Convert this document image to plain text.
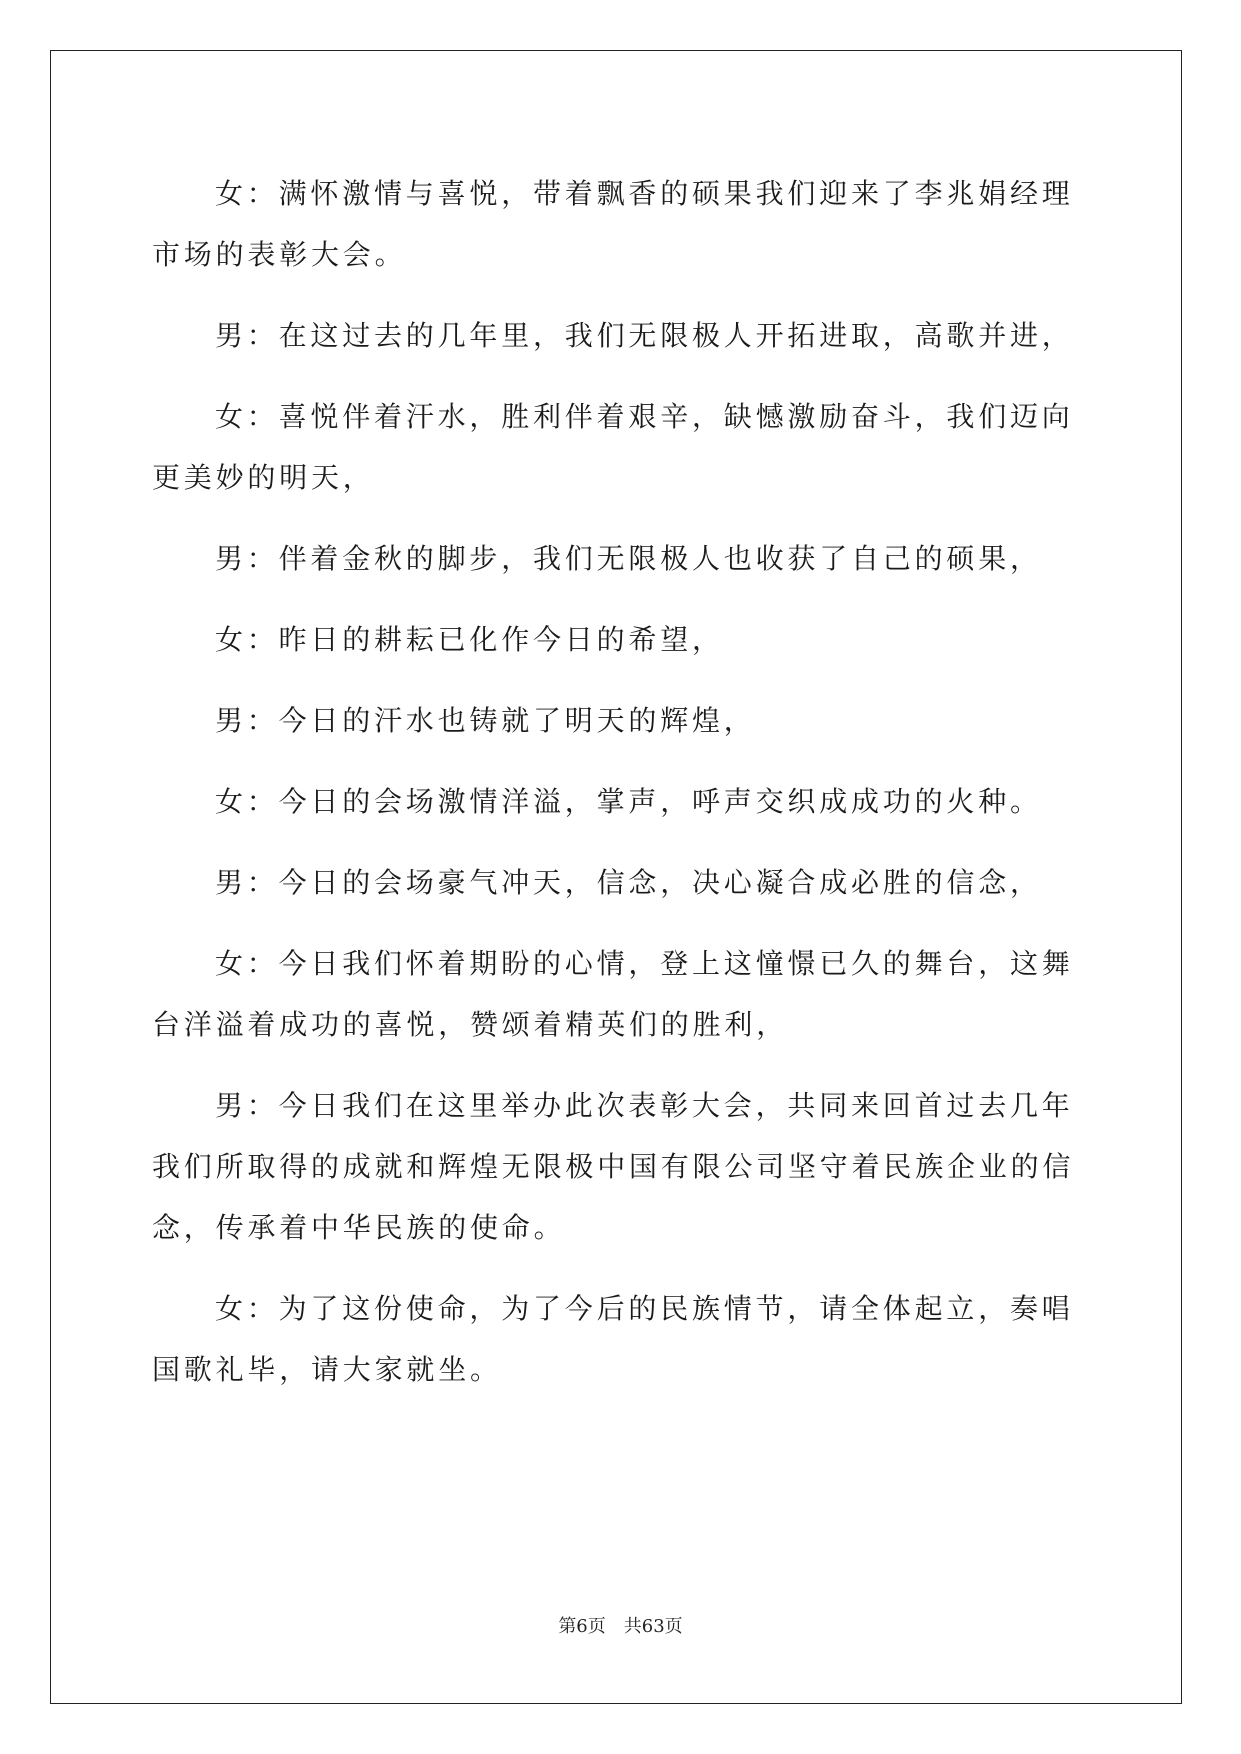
女：满怀激情与喜悦，带着飘香的硕果我们迎来了李兆娟经理市场的表彰大会。

男：在这过去的几年里，我们无限极人开拓进取，高歌并进，

女：喜悦伴着汗水，胜利伴着艰辛，缺憾激励奋斗，我们迈向更美妙的明天，

男：伴着金秋的脚步，我们无限极人也收获了自己的硕果，

女：昨日的耕耘已化作今日的希望，

男：今日的汗水也铸就了明天的辉煌，

女：今日的会场激情洋溢，掌声，呼声交织成成功的火种。

男：今日的会场豪气冲天，信念，决心凝合成必胜的信念，

女：今日我们怀着期盼的心情，登上这憧憬已久的舞台，这舞台洋溢着成功的喜悦，赞颂着精英们的胜利，

男：今日我们在这里举办此次表彰大会，共同来回首过去几年我们所取得的成就和辉煌无限极中国有限公司坚守着民族企业的信念，传承着中华民族的使命。

女：为了这份使命，为了今后的民族情节，请全体起立，奏唱国歌礼毕，请大家就坐。

第6页　共63页
